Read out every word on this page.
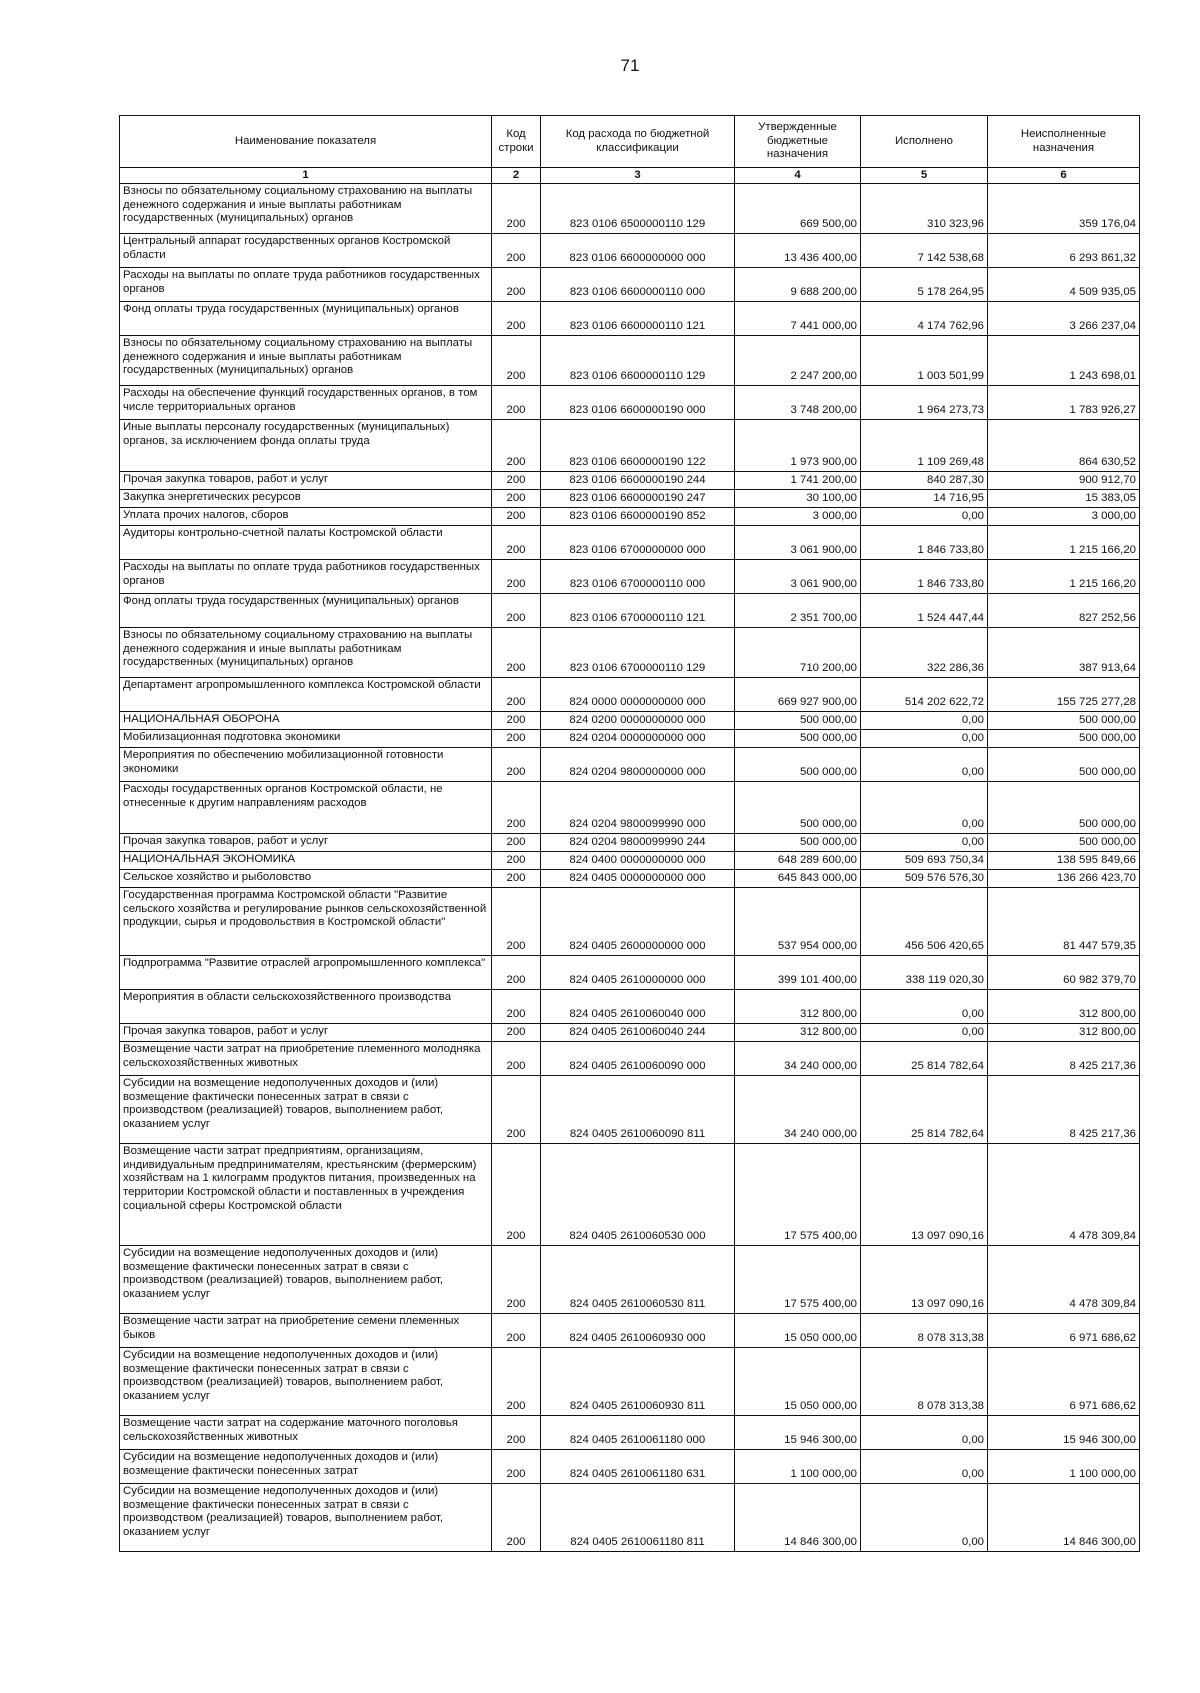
71
Наименование показателя	Код строки	Код расхода по бюджетной классификации	Утвержденные бюджетные назначения	Исполнено	Неисполненные назначения
1	2	3	4	5	6
Взносы по обязательному социальному страхованию на выплаты денежного содержания и иные выплаты работникам государственных (муниципальных) органов	200	823 0106 6500000110 129	669 500,00	310 323,96	359 176,04
Центральный аппарат государственных органов Костромской области	200	823 0106 6600000000 000	13 436 400,00	7 142 538,68	6 293 861,32
Расходы на выплаты по оплате труда работников государственных органов	200	823 0106 6600000110 000	9 688 200,00	5 178 264,95	4 509 935,05
Фонд оплаты труда государственных (муниципальных) органов	200	823 0106 6600000110 121	7 441 000,00	4 174 762,96	3 266 237,04
Взносы по обязательному социальному страхованию на выплаты денежного содержания и иные выплаты работникам государственных (муниципальных) органов	200	823 0106 6600000110 129	2 247 200,00	1 003 501,99	1 243 698,01
Расходы на обеспечение функций государственных органов, в том числе территориальных органов	200	823 0106 6600000190 000	3 748 200,00	1 964 273,73	1 783 926,27
Иные выплаты персоналу государственных (муниципальных) органов, за исключением фонда оплаты труда	200	823 0106 6600000190 122	1 973 900,00	1 109 269,48	864 630,52
Прочая закупка товаров, работ и услуг	200	823 0106 6600000190 244	1 741 200,00	840 287,30	900 912,70
Закупка энергетических ресурсов	200	823 0106 6600000190 247	30 100,00	14 716,95	15 383,05
Уплата прочих налогов, сборов	200	823 0106 6600000190 852	3 000,00	0,00	3 000,00
Аудиторы контрольно-счетной палаты Костромской области	200	823 0106 6700000000 000	3 061 900,00	1 846 733,80	1 215 166,20
Расходы на выплаты по оплате труда работников государственных органов	200	823 0106 6700000110 000	3 061 900,00	1 846 733,80	1 215 166,20
Фонд оплаты труда государственных (муниципальных) органов	200	823 0106 6700000110 121	2 351 700,00	1 524 447,44	827 252,56
Взносы по обязательному социальному страхованию на выплаты денежного содержания и иные выплаты работникам государственных (муниципальных) органов	200	823 0106 6700000110 129	710 200,00	322 286,36	387 913,64
Департамент агропромышленного комплекса Костромской области	200	824 0000 0000000000 000	669 927 900,00	514 202 622,72	155 725 277,28
НАЦИОНАЛЬНАЯ ОБОРОНА	200	824 0200 0000000000 000	500 000,00	0,00	500 000,00
Мобилизационная подготовка экономики	200	824 0204 0000000000 000	500 000,00	0,00	500 000,00
Мероприятия по обеспечению мобилизационной готовности экономики	200	824 0204 9800000000 000	500 000,00	0,00	500 000,00
Расходы государственных органов Костромской области, не отнесенные к другим направлениям расходов	200	824 0204 9800099990 000	500 000,00	0,00	500 000,00
Прочая закупка товаров, работ и услуг	200	824 0204 9800099990 244	500 000,00	0,00	500 000,00
НАЦИОНАЛЬНАЯ ЭКОНОМИКА	200	824 0400 0000000000 000	648 289 600,00	509 693 750,34	138 595 849,66
Сельское хозяйство и рыболовство	200	824 0405 0000000000 000	645 843 000,00	509 576 576,30	136 266 423,70
Государственная программа Костромской области "Развитие сельского хозяйства и регулирование рынков сельскохозяйственной продукции, сырья и продовольствия в Костромской области"	200	824 0405 2600000000 000	537 954 000,00	456 506 420,65	81 447 579,35
Подпрограмма "Развитие отраслей агропромышленного комплекса"	200	824 0405 2610000000 000	399 101 400,00	338 119 020,30	60 982 379,70
Мероприятия в области сельскохозяйственного производства	200	824 0405 2610060040 000	312 800,00	0,00	312 800,00
Прочая закупка товаров, работ и услуг	200	824 0405 2610060040 244	312 800,00	0,00	312 800,00
Возмещение части затрат на приобретение племенного молодняка сельскохозяйственных животных	200	824 0405 2610060090 000	34 240 000,00	25 814 782,64	8 425 217,36
Субсидии на возмещение недополученных доходов и (или) возмещение фактически понесенных затрат в связи с производством (реализацией) товаров, выполнением работ, оказанием услуг	200	824 0405 2610060090 811	34 240 000,00	25 814 782,64	8 425 217,36
Возмещение части затрат предприятиям, организациям, индивидуальным предпринимателям, крестьянским (фермерским) хозяйствам на 1 килограмм продуктов питания, произведенных на территории Костромской области и поставленных в учреждения социальной сферы Костромской области	200	824 0405 2610060530 000	17 575 400,00	13 097 090,16	4 478 309,84
Субсидии на возмещение недополученных доходов и (или) возмещение фактически понесенных затрат в связи с производством (реализацией) товаров, выполнением работ, оказанием услуг	200	824 0405 2610060530 811	17 575 400,00	13 097 090,16	4 478 309,84
Возмещение части затрат на приобретение семени племенных быков	200	824 0405 2610060930 000	15 050 000,00	8 078 313,38	6 971 686,62
Субсидии на возмещение недополученных доходов и (или) возмещение фактически понесенных затрат в связи с производством (реализацией) товаров, выполнением работ, оказанием услуг	200	824 0405 2610060930 811	15 050 000,00	8 078 313,38	6 971 686,62
Возмещение части затрат на содержание маточного поголовья сельскохозяйственных животных	200	824 0405 2610061180 000	15 946 300,00	0,00	15 946 300,00
Субсидии на возмещение недополученных доходов и (или) возмещение фактически понесенных затрат	200	824 0405 2610061180 631	1 100 000,00	0,00	1 100 000,00
Субсидии на возмещение недополученных доходов и (или) возмещение фактически понесенных затрат в связи с производством (реализацией) товаров, выполнением работ, оказанием услуг	200	824 0405 2610061180 811	14 846 300,00	0,00	14 846 300,00
